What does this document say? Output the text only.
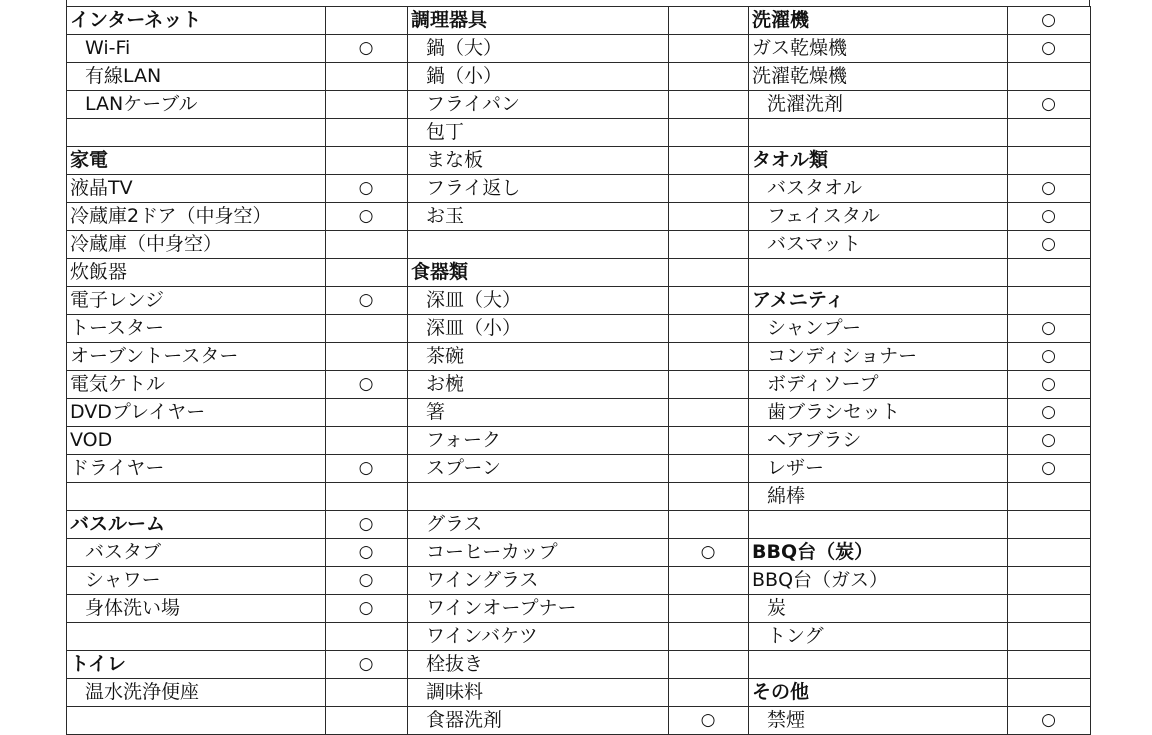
インターネット		調理器具		洗濯機	○
Wi-Fi	○	鍋（大）		ガス乾燥機	○
有線LAN		鍋（小）		洗濯乾燥機	
LANケーブル		フライパン		洗濯洗剤	○
		包丁			
家電		まな板		タオル類	
液晶TV	○	フライ返し		バスタオル	○
冷蔵庫2ドア（中身空）	○	お玉		フェイスタル	○
冷蔵庫（中身空）				バスマット	○
炊飯器		食器類			
電子レンジ	○	深皿（大）		アメニティ	
トースター		深皿（小）		シャンプー	○
オーブントースター		茶碗		コンディショナー	○
電気ケトル	○	お椀		ボディソープ	○
DVDプレイヤー		箸		歯ブラシセット	○
VOD		フォーク		ヘアブラシ	○
ドライヤー	○	スプーン		レザー	○
				綿棒	
バスルーム	○	グラス			
バスタブ	○	コーヒーカップ	○	BBQ台（炭）	
シャワー	○	ワイングラス		BBQ台（ガス）	
身体洗い場	○	ワインオープナー		炭	
		ワインバケツ		トング	
トイレ	○	栓抜き			
温水洗浄便座		調味料		その他	
		食器洗剤	○	禁煙	○
